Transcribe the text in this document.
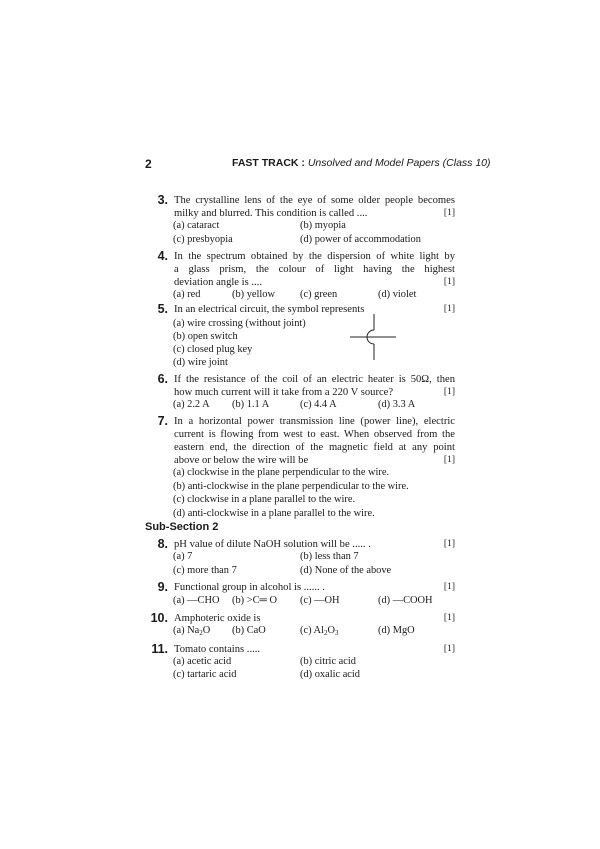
2	FAST TRACK : Unsolved and Model Papers (Class 10)
3. The crystalline lens of the eye of some older people becomes
milky and blurred. This condition is called ....	[1]
(a) cataract	(b) myopia
(c) presbyopia	(d) power of accommodation
4. In the spectrum obtained by the dispersion of white light by
a glass prism, the colour of light having the highest
deviation angle is ....	[1]
(a) red	(b) yellow (c) green	(d) violet
5. In an electrical circuit, the symbol represents	[1]
(a) wire crossing (without joint)
(b) open switch
(c) closed plug key
(d) wire joint
6. If the resistance of the coil of an electric heater is 50Ω, then
how much current will it take from a 220 V source?	[1]
(a) 2.2 A (b) 1.1 A	(c) 4.4 A	(d) 3.3 A
7. In a horizontal power transmission line (power line), electric
current is flowing from west to east. When observed from the
eastern end, the direction of the magnetic field at any point
above or below the wire will be	[1]
(a) clockwise in the plane perpendicular to the wire.
(b) anti-clockwise in the plane perpendicular to the wire.
(c) clockwise in a plane parallel to the wire.
(d) anti-clockwise in a plane parallel to the wire.
Sub-Section 2
8. pH value of dilute NaOH solution will be ..... .	[1]
(a) 7	(b) less than 7
(c) more than 7	(d) None of the above
9. Functional group in alcohol is ...... .	[1]
(a) —CHO (b) >C═ O (c) —OH	(d) —COOH
10. Amphoteric oxide is	[1]
(a) $Na_2O$ (b) CaO	(c) $Al_2O_3$	(d) MgO
11. Tomato contains .....	[1]
(a) acetic acid	(b) citric acid
(c) tartaric acid	(d) oxalic acid
